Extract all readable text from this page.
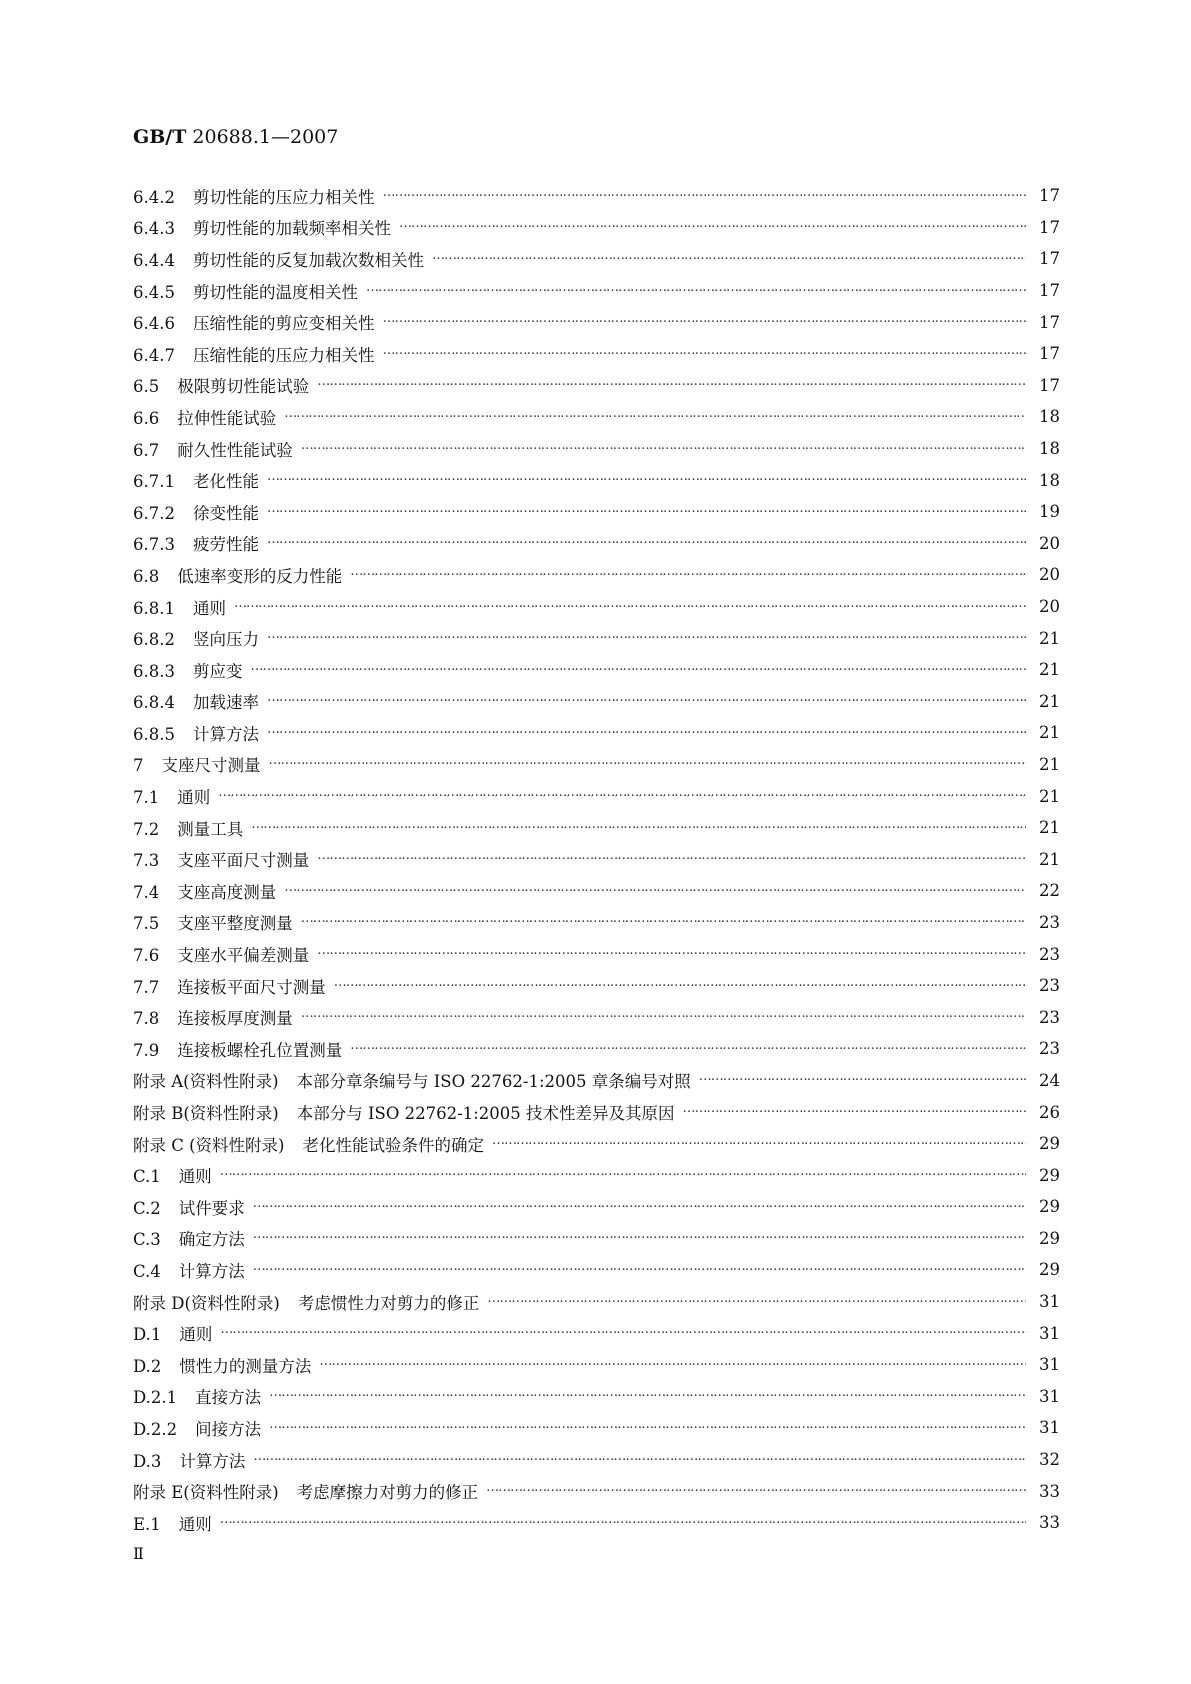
GB/T 20688.1—2007
6.4.2 剪切性能的压应力相关性 ………………………………………………………………………………………………………………………………………………………………………………………………………………	17
6.4.3 剪切性能的加载频率相关性 ………………………………………………………………………………………………………………………………………………………………………………………………………………	17
6.4.4 剪切性能的反复加载次数相关性 ………………………………………………………………………………………………………………………………………………………………………………………………………………	17
6.4.5 剪切性能的温度相关性 ………………………………………………………………………………………………………………………………………………………………………………………………………………	17
6.4.6 压缩性能的剪应变相关性 ………………………………………………………………………………………………………………………………………………………………………………………………………………	17
6.4.7 压缩性能的压应力相关性 ………………………………………………………………………………………………………………………………………………………………………………………………………………	17
6.5 极限剪切性能试验 ………………………………………………………………………………………………………………………………………………………………………………………………………………	17
6.6 拉伸性能试验 ………………………………………………………………………………………………………………………………………………………………………………………………………………	18
6.7 耐久性性能试验 ………………………………………………………………………………………………………………………………………………………………………………………………………………	18
6.7.1 老化性能 ………………………………………………………………………………………………………………………………………………………………………………………………………………	18
6.7.2 徐变性能 ………………………………………………………………………………………………………………………………………………………………………………………………………………	19
6.7.3 疲劳性能 ………………………………………………………………………………………………………………………………………………………………………………………………………………	20
6.8 低速率变形的反力性能 ………………………………………………………………………………………………………………………………………………………………………………………………………………	20
6.8.1 通则 ………………………………………………………………………………………………………………………………………………………………………………………………………………	20
6.8.2 竖向压力 ………………………………………………………………………………………………………………………………………………………………………………………………………………	21
6.8.3 剪应变 ………………………………………………………………………………………………………………………………………………………………………………………………………………	21
6.8.4 加载速率 ………………………………………………………………………………………………………………………………………………………………………………………………………………	21
6.8.5 计算方法 ………………………………………………………………………………………………………………………………………………………………………………………………………………	21
7 支座尺寸测量 ………………………………………………………………………………………………………………………………………………………………………………………………………………	21
7.1 通则 ………………………………………………………………………………………………………………………………………………………………………………………………………………	21
7.2 测量工具 ………………………………………………………………………………………………………………………………………………………………………………………………………………	21
7.3 支座平面尺寸测量 ………………………………………………………………………………………………………………………………………………………………………………………………………………	21
7.4 支座高度测量 ………………………………………………………………………………………………………………………………………………………………………………………………………………	22
7.5 支座平整度测量 ………………………………………………………………………………………………………………………………………………………………………………………………………………	23
7.6 支座水平偏差测量 ………………………………………………………………………………………………………………………………………………………………………………………………………………	23
7.7 连接板平面尺寸测量 ………………………………………………………………………………………………………………………………………………………………………………………………………………	23
7.8 连接板厚度测量 ………………………………………………………………………………………………………………………………………………………………………………………………………………	23
7.9 连接板螺栓孔位置测量 ………………………………………………………………………………………………………………………………………………………………………………………………………………	23
附录 A(资料性附录) 本部分章条编号与 ISO 22762-1:2005 章条编号对照 ………………………………………………………………………………………………………………………………………………………………………………………………………………	24
附录 B(资料性附录) 本部分与 ISO 22762-1:2005 技术性差异及其原因 ………………………………………………………………………………………………………………………………………………………………………………………………………………	26
附录 C (资料性附录) 老化性能试验条件的确定 ………………………………………………………………………………………………………………………………………………………………………………………………………………	29
C.1 通则 ………………………………………………………………………………………………………………………………………………………………………………………………………………	29
C.2 试件要求 ………………………………………………………………………………………………………………………………………………………………………………………………………………	29
C.3 确定方法 ………………………………………………………………………………………………………………………………………………………………………………………………………………	29
C.4 计算方法 ………………………………………………………………………………………………………………………………………………………………………………………………………………	29
附录 D(资料性附录) 考虑惯性力对剪力的修正 ………………………………………………………………………………………………………………………………………………………………………………………………………………	31
D.1 通则 ………………………………………………………………………………………………………………………………………………………………………………………………………………	31
D.2 惯性力的测量方法 ………………………………………………………………………………………………………………………………………………………………………………………………………………	31
D.2.1 直接方法 ………………………………………………………………………………………………………………………………………………………………………………………………………………	31
D.2.2 间接方法 ………………………………………………………………………………………………………………………………………………………………………………………………………………	31
D.3 计算方法 ………………………………………………………………………………………………………………………………………………………………………………………………………………	32
附录 E(资料性附录) 考虑摩擦力对剪力的修正 ………………………………………………………………………………………………………………………………………………………………………………………………………………	33
E.1 通则 ………………………………………………………………………………………………………………………………………………………………………………………………………………	33
Ⅱ
